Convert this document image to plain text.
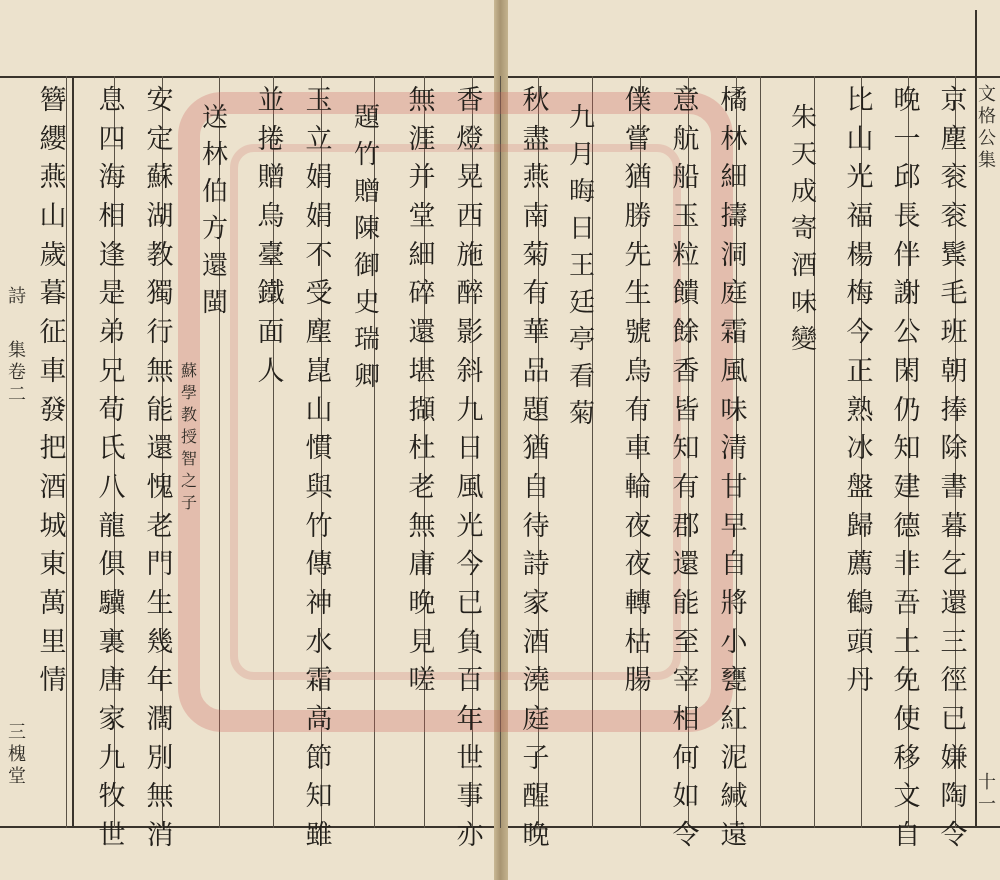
文
格
公
集
十
一
詩
集
卷
二
三
槐
堂
京
塵
衮
衮
鬂
毛
班
朝
捧
除
書
暮
乞
還
三
徑
已
嫌
陶
令
晚
一
邱
長
伴
謝
公
閑
仍
知
建
德
非
吾
土
免
使
移
文
自
比
山
光
福
楊
梅
今
正
熟
冰
盤
歸
薦
鶴
頭
丹
朱
天
成
寄
酒
味
變
橘
林
細
擣
洞
庭
霜
風
味
清
甘
早
自
將
小
甕
紅
泥
緘
遠
意
航
船
玉
粒
饋
餘
香
皆
知
有
郡
還
能
至
宰
相
何
如
令
僕
嘗
猶
勝
先
生
號
烏
有
車
輪
夜
夜
轉
枯
腸
九
月
晦
日
王
廷
亭
看
菊
秋
盡
燕
南
菊
有
華
品
題
猶
自
待
詩
家
酒
澆
庭
子
醒
晚
香
燈
晃
西
施
醉
影
斜
九
日
風
光
今
已
負
百
年
世
事
亦
無
涯
并
堂
細
碎
還
堪
擷
杜
老
無
庸
晚
見
嗟
題
竹
贈
陳
御
史
瑞
卿
玉
立
娟
娟
不
受
塵
崑
山
慣
與
竹
傳
神
水
霜
高
節
知
雖
並
捲
贈
烏
臺
鐵
面
人
送
林
伯
方
還
閩
蘇
學
教
授
智
之
子
安
定
蘇
湖
教
獨
行
無
能
還
愧
老
門
生
幾
年
濶
別
無
消
息
四
海
相
逢
是
弟
兄
荀
氏
八
龍
俱
驥
裏
唐
家
九
牧
世
簪
纓
燕
山
歲
暮
征
車
發
把
酒
城
東
萬
里
情
